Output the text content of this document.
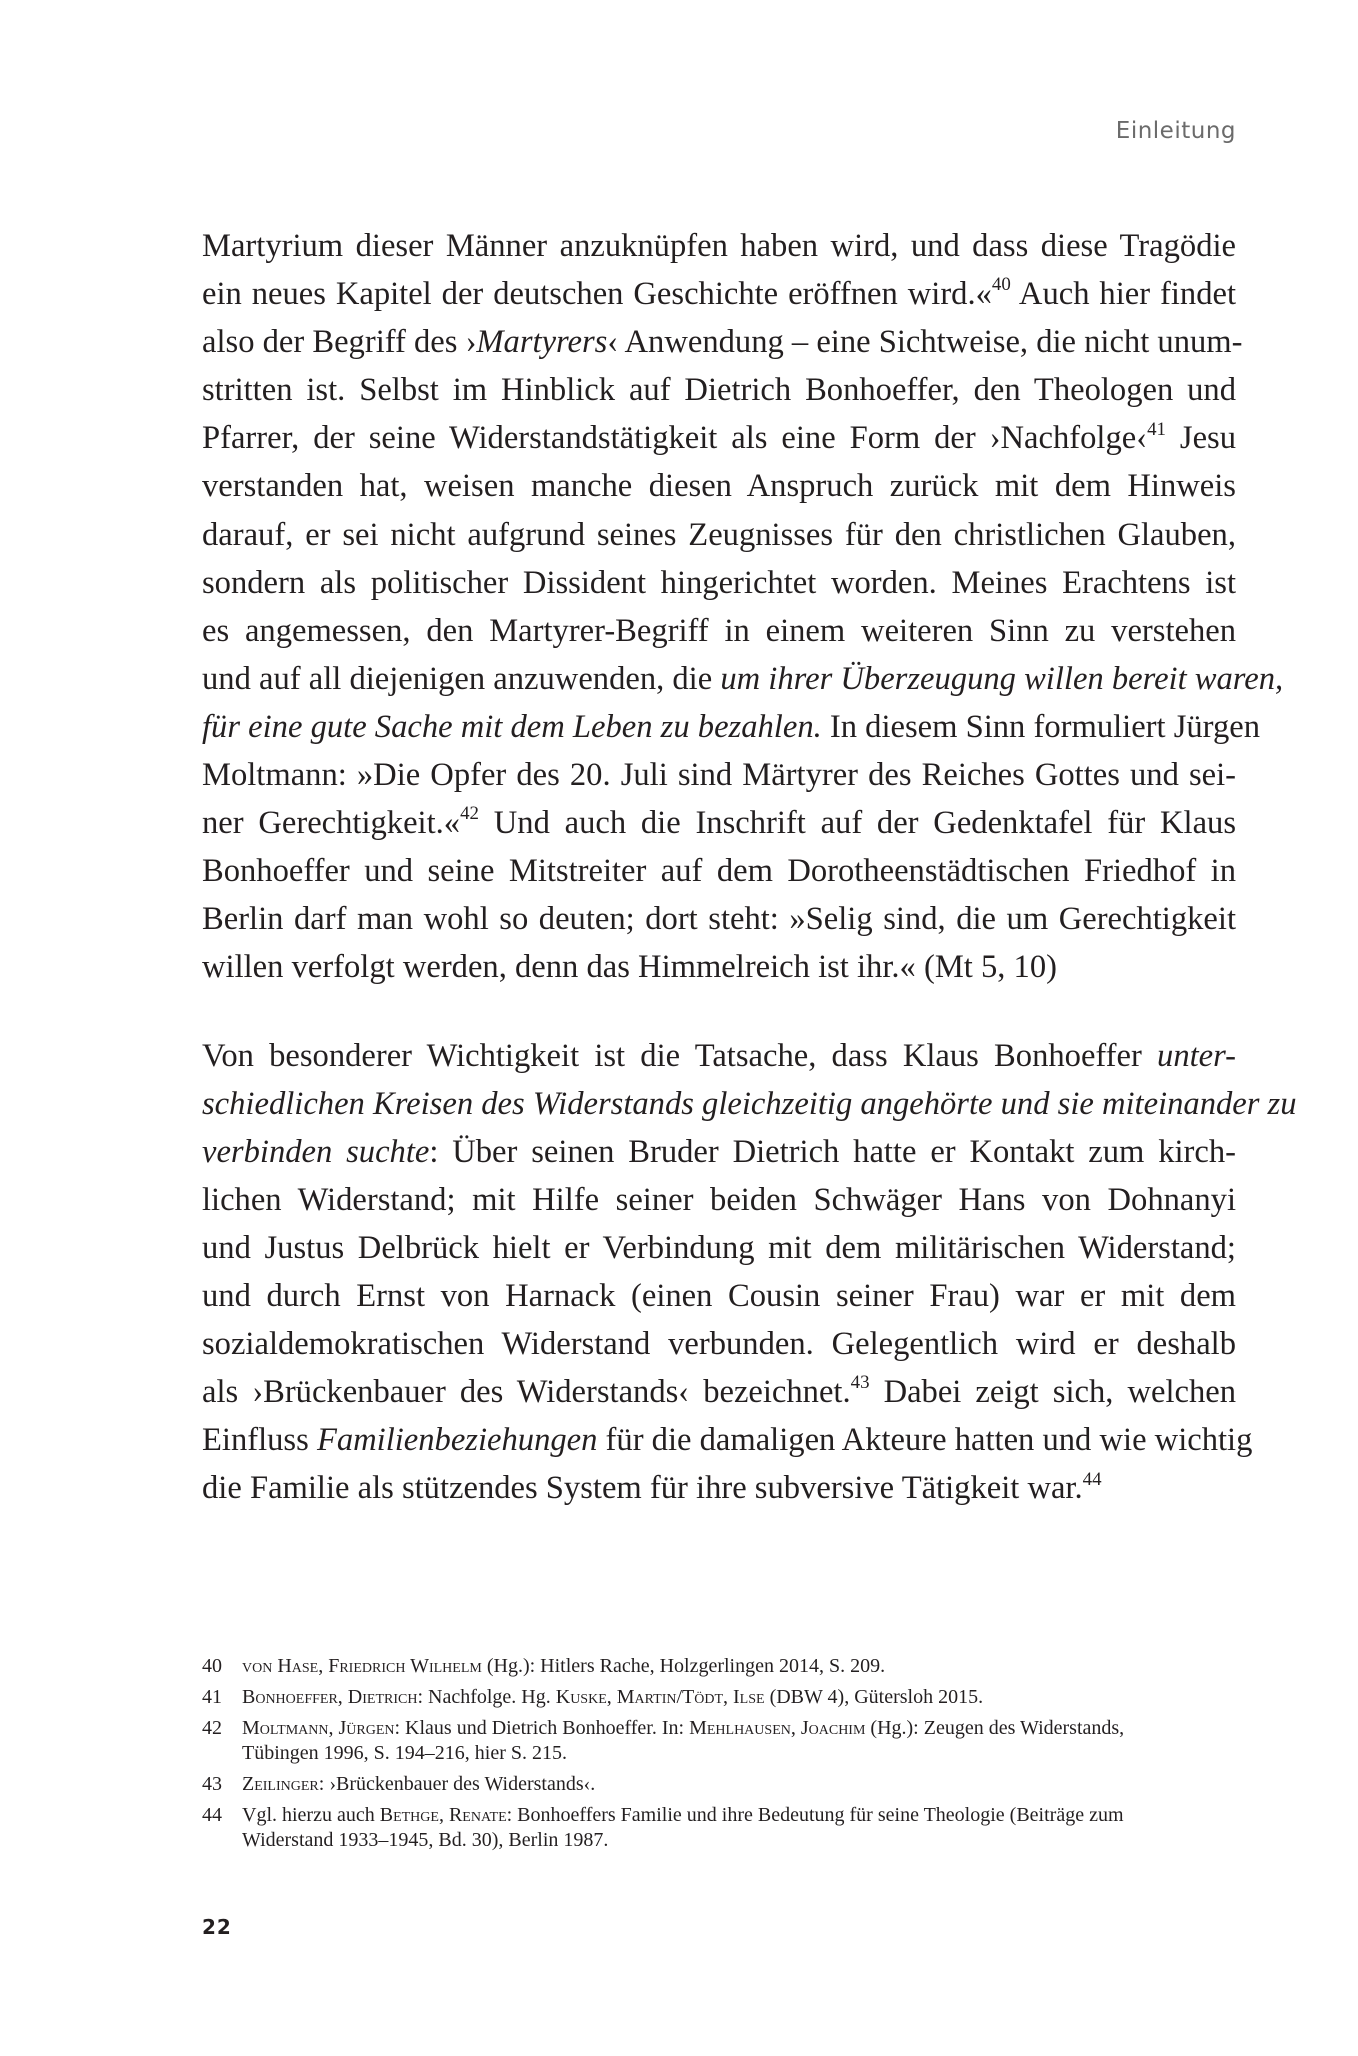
Einleitung
Martyrium dieser Männer anzuknüpfen haben wird, und dass diese Tragödie
ein neues Kapitel der deutschen Geschichte eröffnen wird.«$^{40}$ Auch hier findet
also der Begriff des ›Martyrers‹ Anwendung – eine Sichtweise, die nicht unum-
stritten ist. Selbst im Hinblick auf Dietrich Bonhoeffer, den Theologen und
Pfarrer, der seine Widerstandstätigkeit als eine Form der ›Nachfolge‹$^{41}$ Jesu
verstanden hat, weisen manche diesen Anspruch zurück mit dem Hinweis
darauf, er sei nicht aufgrund seines Zeugnisses für den christlichen Glauben,
sondern als politischer Dissident hingerichtet worden. Meines Erachtens ist
es angemessen, den Martyrer-Begriff in einem weiteren Sinn zu verstehen
und auf all diejenigen anzuwenden, die um ihrer Überzeugung willen bereit waren,
für eine gute Sache mit dem Leben zu bezahlen. In diesem Sinn formuliert Jürgen
Moltmann: »Die Opfer des 20. Juli sind Märtyrer des Reiches Gottes und sei-
ner Gerechtigkeit.«$^{42}$ Und auch die Inschrift auf der Gedenktafel für Klaus
Bonhoeffer und seine Mitstreiter auf dem Dorotheenstädtischen Friedhof in
Berlin darf man wohl so deuten; dort steht: »Selig sind, die um Gerechtigkeit
willen verfolgt werden, denn das Himmelreich ist ihr.« (Mt 5, 10)
Von besonderer Wichtigkeit ist die Tatsache, dass Klaus Bonhoeffer unter-
schiedlichen Kreisen des Widerstands gleichzeitig angehörte und sie miteinander zu
verbinden suchte: Über seinen Bruder Dietrich hatte er Kontakt zum kirch-
lichen Widerstand; mit Hilfe seiner beiden Schwäger Hans von Dohnanyi
und Justus Delbrück hielt er Verbindung mit dem militärischen Widerstand;
und durch Ernst von Harnack (einen Cousin seiner Frau) war er mit dem
sozialdemokratischen Widerstand verbunden. Gelegentlich wird er deshalb
als ›Brückenbauer des Widerstands‹ bezeichnet.$^{43}$ Dabei zeigt sich, welchen
Einfluss Familienbeziehungen für die damaligen Akteure hatten und wie wichtig
die Familie als stützendes System für ihre subversive Tätigkeit war.$^{44}$
40	von Hase, Friedrich Wilhelm (Hg.): Hitlers Rache, Holzgerlingen 2014, S. 209.
41	Bonhoeffer, Dietrich: Nachfolge. Hg. Kuske, Martin/Tödt, Ilse (DBW 4), Gütersloh 2015.
42	Moltmann, Jürgen: Klaus und Dietrich Bonhoeffer. In: Mehlhausen, Joachim (Hg.): Zeugen des Widerstands,
Tübingen 1996, S. 194–216, hier S. 215.
43	Zeilinger: ›Brückenbauer des Widerstands‹.
44	Vgl. hierzu auch Bethge, Renate: Bonhoeffers Familie und ihre Bedeutung für seine Theologie (Beiträge zum
Widerstand 1933–1945, Bd. 30), Berlin 1987.
22
